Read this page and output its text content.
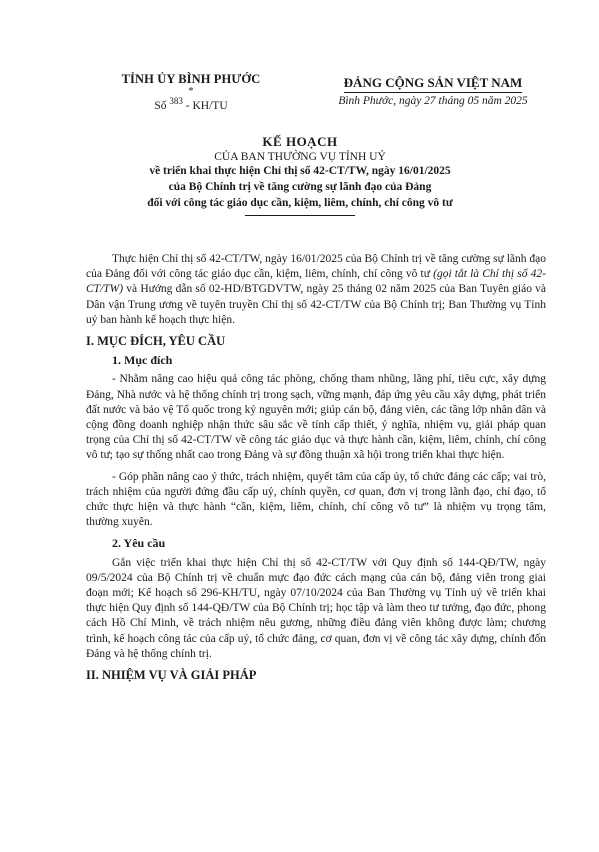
TỈNH ỦY BÌNH PHƯỚC
*
Số $^{383}$ - KH/TU
ĐẢNG CỘNG SẢN VIỆT NAM
Bình Phước, ngày 27 tháng 05 năm 2025
KẾ HOẠCH
CỦA BAN THƯỜNG VỤ TỈNH UỶ
về triển khai thực hiện Chỉ thị số 42-CT/TW, ngày 16/01/2025
của Bộ Chính trị về tăng cường sự lãnh đạo của Đảng
đối với công tác giáo dục cần, kiệm, liêm, chính, chí công vô tư

Thực hiện Chỉ thị số 42-CT/TW, ngày 16/01/2025 của Bộ Chính trị về tăng cường sự lãnh đạo của Đảng đối với công tác giáo dục cần, kiệm, liêm, chính, chí công vô tư (gọi tắt là Chỉ thị số 42-CT/TW) và Hướng dẫn số 02-HD/BTGDVTW, ngày 25 tháng 02 năm 2025 của Ban Tuyên giáo và Dân vận Trung ương về tuyên truyền Chỉ thị số 42-CT/TW của Bộ Chính trị; Ban Thường vụ Tỉnh uỷ ban hành kế hoạch thực hiện.

I. MỤC ĐÍCH, YÊU CẦU
1. Mục đích

- Nhằm nâng cao hiệu quả công tác phòng, chống tham nhũng, lãng phí, tiêu cực, xây dựng Đảng, Nhà nước và hệ thống chính trị trong sạch, vững mạnh, đáp ứng yêu cầu xây dựng, phát triển đất nước và bảo vệ Tổ quốc trong kỷ nguyên mới; giúp cán bộ, đảng viên, các tầng lớp nhân dân và cộng đồng doanh nghiệp nhận thức sâu sắc về tính cấp thiết, ý nghĩa, nhiệm vụ, giải pháp quan trọng của Chỉ thị số 42-CT/TW về công tác giáo dục và thực hành cần, kiệm, liêm, chính, chí công vô tư; tạo sự thống nhất cao trong Đảng và sự đồng thuận xã hội trong triển khai thực hiện.

- Góp phần nâng cao ý thức, trách nhiệm, quyết tâm của cấp ủy, tổ chức đảng các cấp; vai trò, trách nhiệm của người đứng đầu cấp uỷ, chính quyền, cơ quan, đơn vị trong lãnh đạo, chỉ đạo, tổ chức thực hiện và thực hành “cần, kiệm, liêm, chính, chí công vô tư” là nhiệm vụ trọng tâm, thường xuyên.

2. Yêu cầu

Gắn việc triển khai thực hiện Chỉ thị số 42-CT/TW với Quy định số 144-QĐ/TW, ngày 09/5/2024 của Bộ Chính trị về chuẩn mực đạo đức cách mạng của cán bộ, đảng viên trong giai đoạn mới; Kế hoạch số 296-KH/TU, ngày 07/10/2024 của Ban Thường vụ Tỉnh uỷ về triển khai thực hiện Quy định số 144-QĐ/TW của Bộ Chính trị; học tập và làm theo tư tưởng, đạo đức, phong cách Hồ Chí Minh, về trách nhiệm nêu gương, những điều đảng viên không được làm; chương trình, kế hoạch công tác của cấp uỷ, tổ chức đảng, cơ quan, đơn vị về công tác xây dựng, chỉnh đốn Đảng và hệ thống chính trị.

II. NHIỆM VỤ VÀ GIẢI PHÁP
